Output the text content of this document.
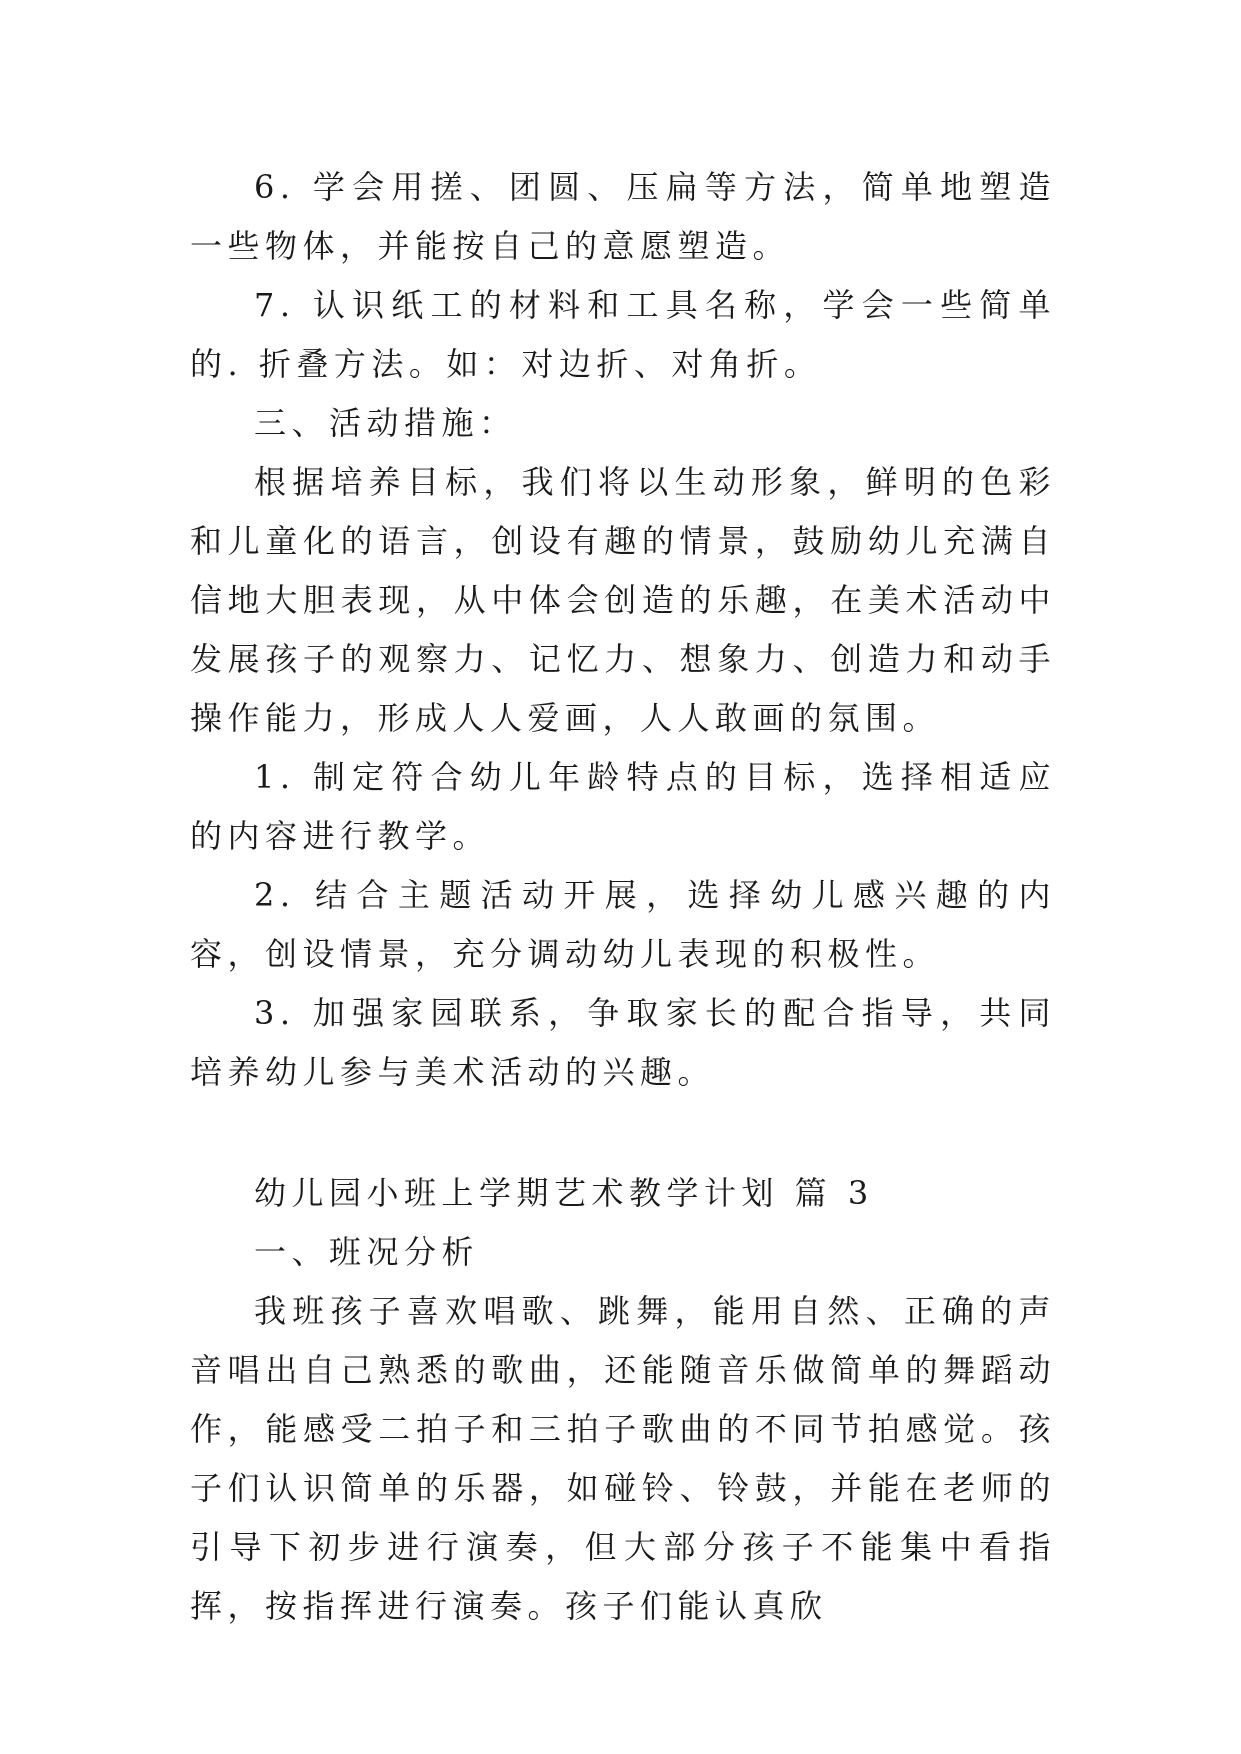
6. 学会用搓、团圆、压扁等方法，简单地塑造一些物体，并能按自己的意愿塑造。

7. 认识纸工的材料和工具名称，学会一些简单的. 折叠方法。如：对边折、对角折。

三、活动措施：

根据培养目标，我们将以生动形象，鲜明的色彩和儿童化的语言，创设有趣的情景，鼓励幼儿充满自信地大胆表现，从中体会创造的乐趣，在美术活动中发展孩子的观察力、记忆力、想象力、创造力和动手操作能力，形成人人爱画，人人敢画的氛围。

1. 制定符合幼儿年龄特点的目标，选择相适应的内容进行教学。

2. 结合主题活动开展，选择幼儿感兴趣的内容，创设情景，充分调动幼儿表现的积极性。

3. 加强家园联系，争取家长的配合指导，共同培养幼儿参与美术活动的兴趣。

幼儿园小班上学期艺术教学计划 篇 3

一、班况分析

我班孩子喜欢唱歌、跳舞，能用自然、正确的声音唱出自己熟悉的歌曲，还能随音乐做简单的舞蹈动作，能感受二拍子和三拍子歌曲的不同节拍感觉。孩子们认识简单的乐器，如碰铃、铃鼓，并能在老师的引导下初步进行演奏，但大部分孩子不能集中看指挥，按指挥进行演奏。孩子们能认真欣
